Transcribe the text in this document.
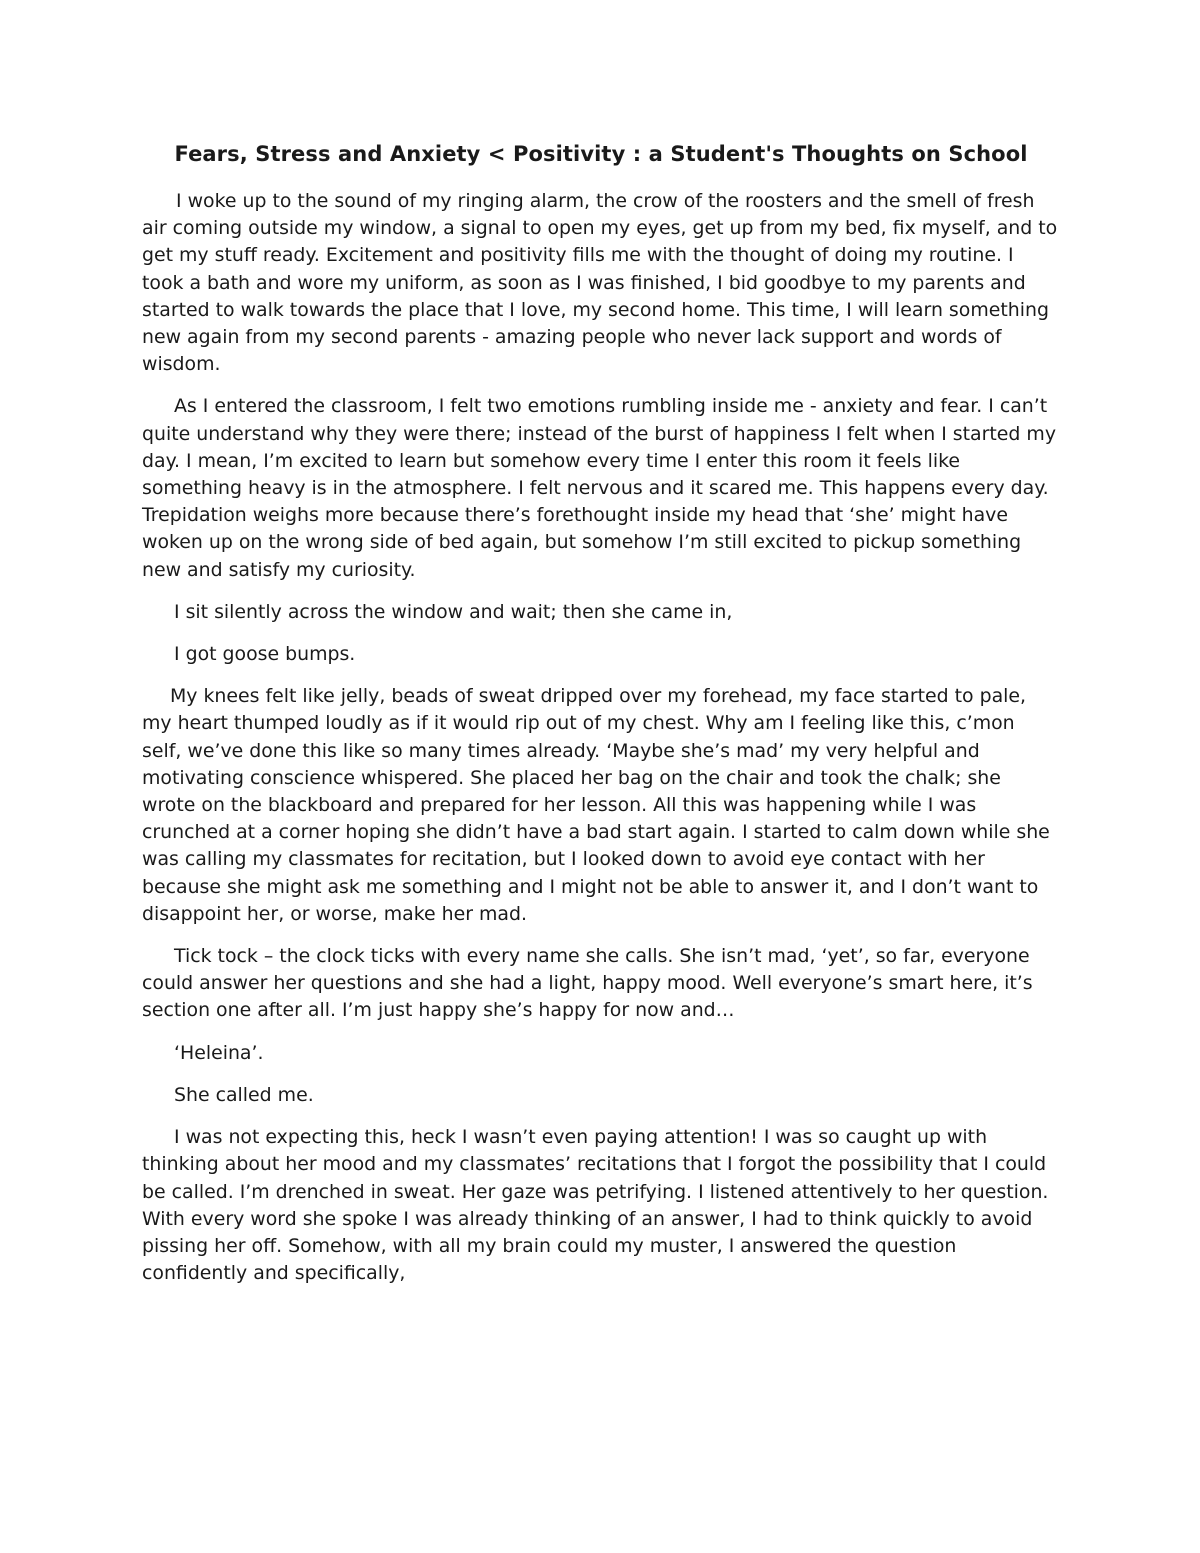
Fears, Stress and Anxiety < Positivity : a Student's Thoughts on School

I woke up to the sound of my ringing alarm, the crow of the roosters and the smell of fresh air coming outside my window, a signal to open my eyes, get up from my bed, fix myself, and to get my stuff ready. Excitement and positivity fills me with the thought of doing my routine. I took a bath and wore my uniform, as soon as I was finished, I bid goodbye to my parents and started to walk towards the place that I love, my second home. This time, I will learn something new again from my second parents - amazing people who never lack support and words of wisdom.

As I entered the classroom, I felt two emotions rumbling inside me - anxiety and fear. I can’t quite understand why they were there; instead of the burst of happiness I felt when I started my day. I mean, I’m excited to learn but somehow every time I enter this room it feels like something heavy is in the atmosphere. I felt nervous and it scared me. This happens every day. Trepidation weighs more because there’s forethought inside my head that ‘she’ might have woken up on the wrong side of bed again, but somehow I’m still excited to pickup something new and satisfy my curiosity.

I sit silently across the window and wait; then she came in,

I got goose bumps.

My knees felt like jelly, beads of sweat dripped over my forehead, my face started to pale, my heart thumped loudly as if it would rip out of my chest. Why am I feeling like this, c’mon self, we’ve done this like so many times already. ‘Maybe she’s mad’ my very helpful and motivating conscience whispered. She placed her bag on the chair and took the chalk; she wrote on the blackboard and prepared for her lesson. All this was happening while I was crunched at a corner hoping she didn’t have a bad start again. I started to calm down while she was calling my classmates for recitation, but I looked down to avoid eye contact with her because she might ask me something and I might not be able to answer it, and I don’t want to disappoint her, or worse, make her mad.

Tick tock – the clock ticks with every name she calls. She isn’t mad, ‘yet’, so far, everyone could answer her questions and she had a light, happy mood. Well everyone’s smart here, it’s section one after all. I’m just happy she’s happy for now and…

‘Heleina’.

She called me.

I was not expecting this, heck I wasn’t even paying attention! I was so caught up with thinking about her mood and my classmates’ recitations that I forgot the possibility that I could be called. I’m drenched in sweat. Her gaze was petrifying. I listened attentively to her question. With every word she spoke I was already thinking of an answer, I had to think quickly to avoid pissing her off. Somehow, with all my brain could my muster, I answered the question confidently and specifically,
